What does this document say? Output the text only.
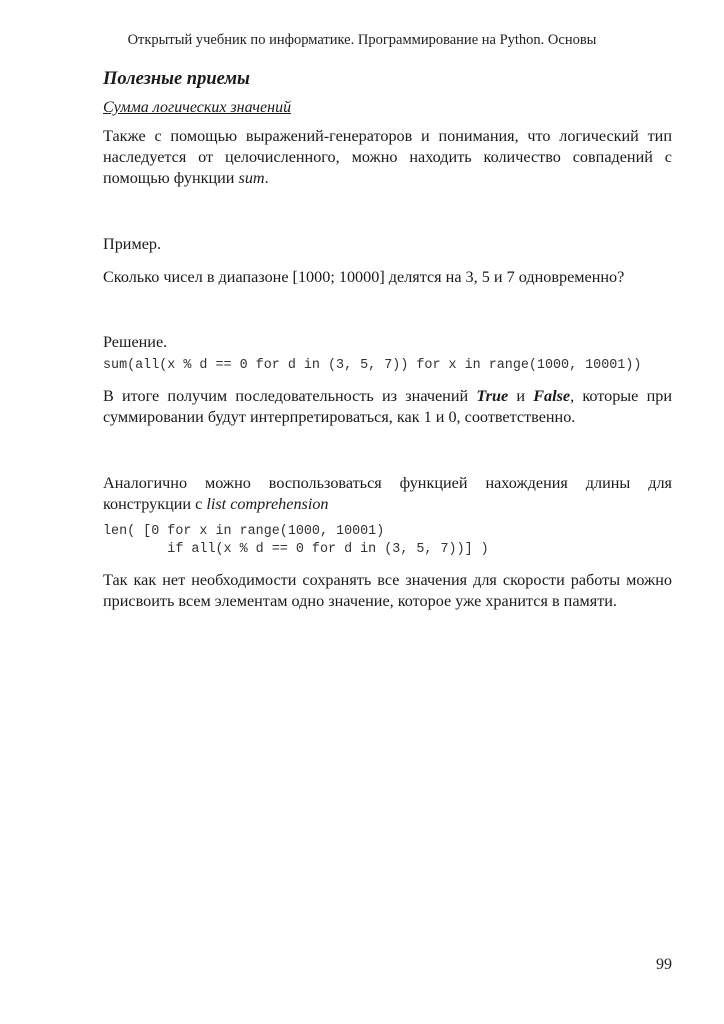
Открытый учебник по информатике. Программирование на Python. Основы
Полезные приемы
Сумма логических значений

Также с помощью выражений-генераторов и понимания, что логический тип наследуется от целочисленного, можно находить количество совпадений с помощью функции sum.

Пример.

Сколько чисел в диапазоне [1000; 10000] делятся на 3, 5 и 7 одновременно?

Решение.

sum(all(x % d == 0 for d in (3, 5, 7)) for x in range(1000, 10001))

В итоге получим последовательность из значений True и False, которые при суммировании будут интерпретироваться, как 1 и 0, соответственно.

Аналогично можно воспользоваться функцией нахождения длины для конструкции с list comprehension

len( [0 for x in range(1000, 10001)
if all(x % d == 0 for d in (3, 5, 7))] )

Так как нет необходимости сохранять все значения для скорости работы можно присвоить всем элементам одно значение, которое уже хранится в памяти.

99
